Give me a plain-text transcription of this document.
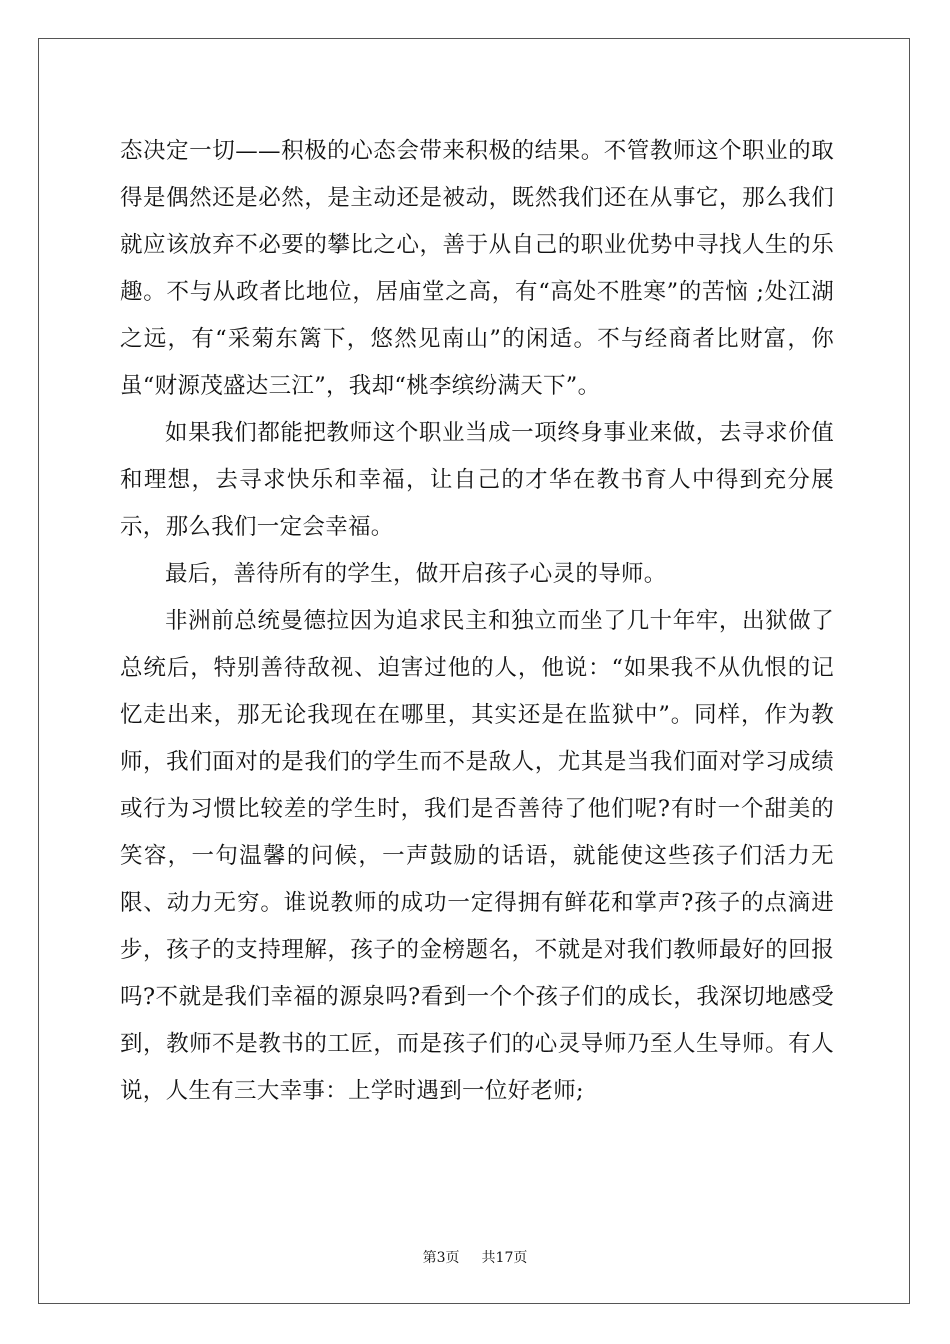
态决定一切——积极的心态会带来积极的结果。不管教师这个职业的取得是偶然还是必然，是主动还是被动，既然我们还在从事它，那么我们就应该放弃不必要的攀比之心，善于从自己的职业优势中寻找人生的乐趣。不与从政者比地位，居庙堂之高，有“高处不胜寒”的苦恼 ;处江湖之远，有“采菊东篱下，悠然见南山”的闲适。不与经商者比财富，你虽“财源茂盛达三江”，我却“桃李缤纷满天下”。

如果我们都能把教师这个职业当成一项终身事业来做，去寻求价值和理想，去寻求快乐和幸福，让自己的才华在教书育人中得到充分展示，那么我们一定会幸福。

最后，善待所有的学生，做开启孩子心灵的导师。

非洲前总统曼德拉因为追求民主和独立而坐了几十年牢，出狱做了总统后，特别善待敌视、迫害过他的人，他说：“如果我不从仇恨的记忆走出来，那无论我现在在哪里，其实还是在监狱中”。同样，作为教师，我们面对的是我们的学生而不是敌人，尤其是当我们面对学习成绩或行为习惯比较差的学生时，我们是否善待了他们呢?有时一个甜美的笑容，一句温馨的问候，一声鼓励的话语，就能使这些孩子们活力无限、动力无穷。谁说教师的成功一定得拥有鲜花和掌声?孩子的点滴进步，孩子的支持理解，孩子的金榜题名，不就是对我们教师最好的回报吗?不就是我们幸福的源泉吗?看到一个个孩子们的成长，我深切地感受到，教师不是教书的工匠，而是孩子们的心灵导师乃至人生导师。有人说，人生有三大幸事：上学时遇到一位好老师;

第3页 共17页
